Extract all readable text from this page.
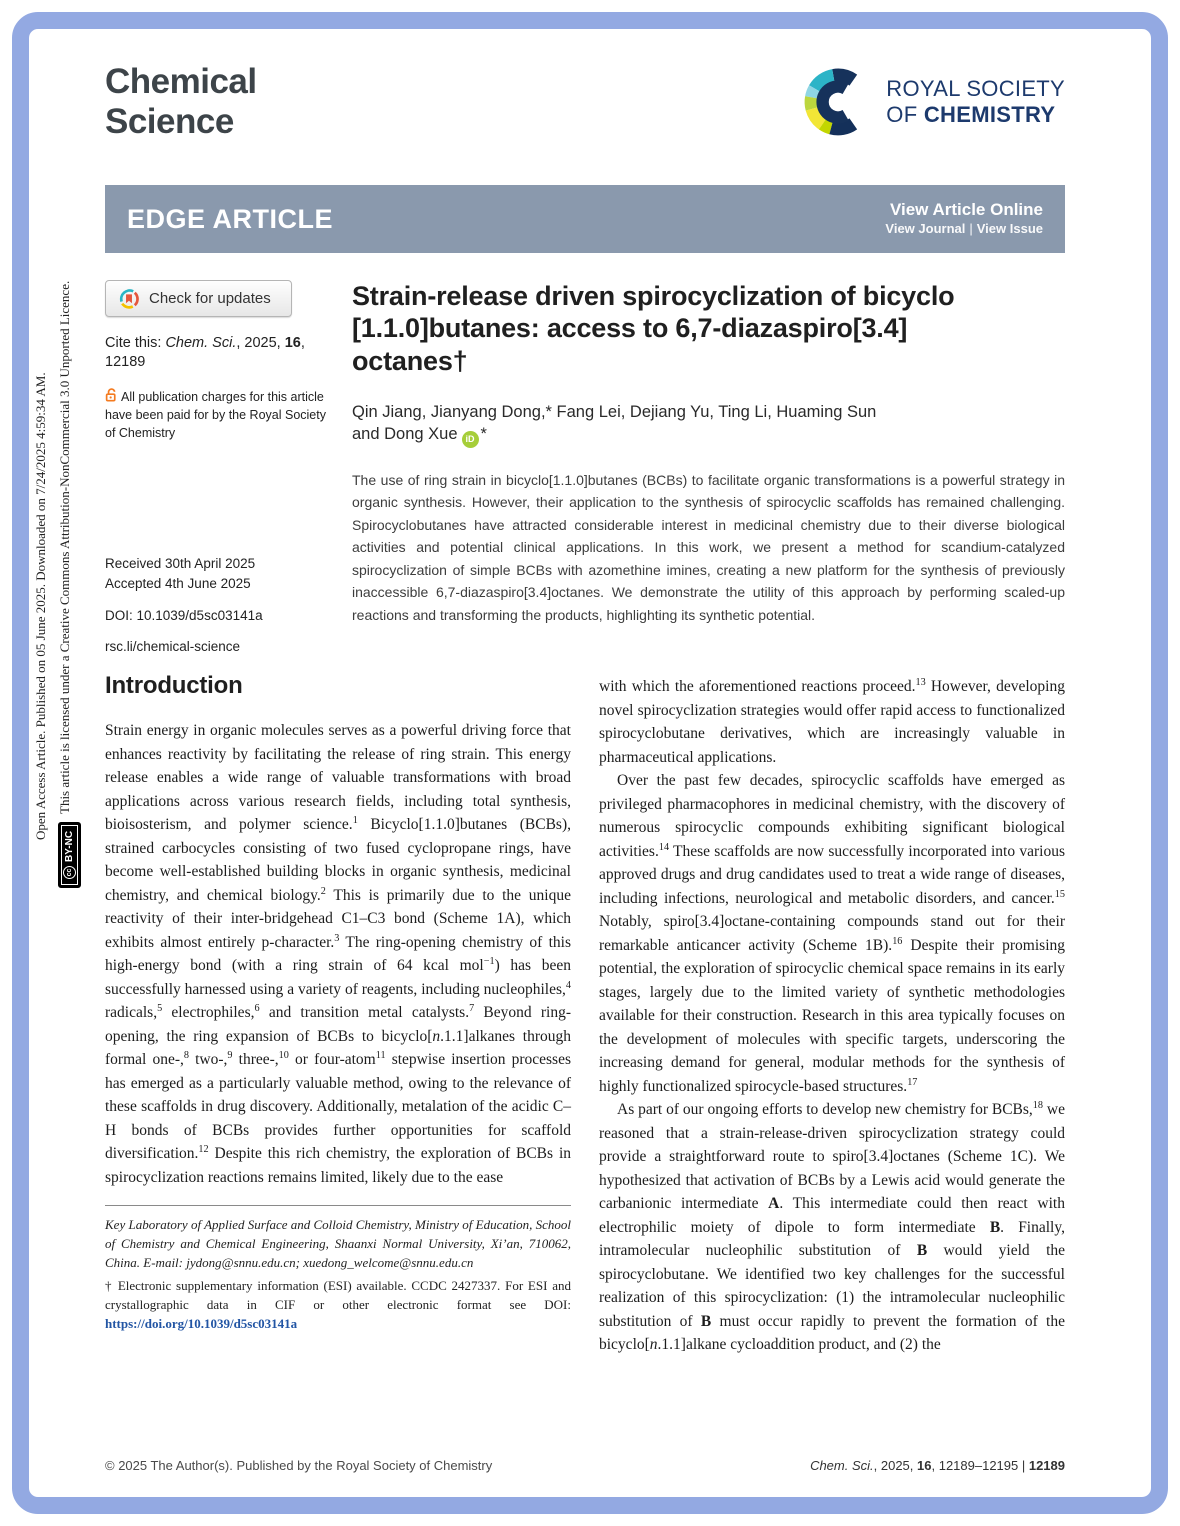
Open Access Article. Published on 05 June 2025. Downloaded on 7/24/2025 4:59:34 AM. This article is licensed under a Creative Commons Attribution-NonCommercial 3.0 Unported Licence.
cc
BY-NC
Chemical
Science
ROYAL SOCIETY
OF CHEMISTRY
EDGE ARTICLE	View Article Online
View Journal | View Issue
Check for updates
Cite this: Chem. Sci., 2025, 16, 12189
All publication charges for this article have been paid for by the Royal Society of Chemistry
Received 30th April 2025
Accepted 4th June 2025
DOI: 10.1039/d5sc03141a
rsc.li/chemical-science
Strain-release driven spirocyclization of bicyclo
[1.1.0]butanes: access to 6,7-diazaspiro[3.4]
octanes†
Qin Jiang, Jianyang Dong,* Fang Lei, Dejiang Yu, Ting Li, Huaming Sun
and Dong Xue iD *

The use of ring strain in bicyclo[1.1.0]butanes (BCBs) to facilitate organic transformations is a powerful strategy in organic synthesis. However, their application to the synthesis of spirocyclic scaffolds has remained challenging. Spirocyclobutanes have attracted considerable interest in medicinal chemistry due to their diverse biological activities and potential clinical applications. In this work, we present a method for scandium-catalyzed spirocyclization of simple BCBs with azomethine imines, creating a new platform for the synthesis of previously inaccessible 6,7-diazaspiro[3.4]octanes. We demonstrate the utility of this approach by performing scaled-up reactions and transforming the products, highlighting its synthetic potential.

Introduction

Strain energy in organic molecules serves as a powerful driving force that enhances reactivity by facilitating the release of ring strain. This energy release enables a wide range of valuable transformations with broad applications across various research fields, including total synthesis, bioisosterism, and polymer science.$^1$ Bicyclo[1.1.0]butanes (BCBs), strained carbocycles consisting of two fused cyclopropane rings, have become well-established building blocks in organic synthesis, medicinal chemistry, and chemical biology.$^2$ This is primarily due to the unique reactivity of their inter-bridgehead C1–C3 bond (Scheme 1A), which exhibits almost entirely p-character.$^3$ The ring-opening chemistry of this high-energy bond (with a ring strain of 64 kcal mol$^{-1}$) has been successfully harnessed using a variety of reagents, including nucleophiles,$^4$ radicals,$^5$ electrophiles,$^6$ and transition metal catalysts.$^7$ Beyond ring-opening, the ring expansion of BCBs to bicyclo[n.1.1]alkanes through formal one-,$^8$ two-,$^9$ three-,$^{10}$ or four-atom$^{11}$ stepwise insertion processes has emerged as a particularly valuable method, owing to the relevance of these scaffolds in drug discovery. Additionally, metalation of the acidic C–H bonds of BCBs provides further opportunities for scaffold diversification.$^{12}$ Despite this rich chemistry, the exploration of BCBs in spirocyclization reactions remains limited, likely due to the ease

Key Laboratory of Applied Surface and Colloid Chemistry, Ministry of Education, School of Chemistry and Chemical Engineering, Shaanxi Normal University, Xi’an, 710062, China. E-mail: jydong@snnu.edu.cn; xuedong_welcome@snnu.edu.cn
† Electronic supplementary information (ESI) available. CCDC 2427337. For ESI and crystallographic data in CIF or other electronic format see DOI: https://doi.org/10.1039/d5sc03141a

with which the aforementioned reactions proceed.$^{13}$ However, developing novel spirocyclization strategies would offer rapid access to functionalized spirocyclobutane derivatives, which are increasingly valuable in pharmaceutical applications.

Over the past few decades, spirocyclic scaffolds have emerged as privileged pharmacophores in medicinal chemistry, with the discovery of numerous spirocyclic compounds exhibiting significant biological activities.$^{14}$ These scaffolds are now successfully incorporated into various approved drugs and drug candidates used to treat a wide range of diseases, including infections, neurological and metabolic disorders, and cancer.$^{15}$ Notably, spiro[3.4]octane-containing compounds stand out for their remarkable anticancer activity (Scheme 1B).$^{16}$ Despite their promising potential, the exploration of spirocyclic chemical space remains in its early stages, largely due to the limited variety of synthetic methodologies available for their construction. Research in this area typically focuses on the development of molecules with specific targets, underscoring the increasing demand for general, modular methods for the synthesis of highly functionalized spirocycle-based structures.$^{17}$

As part of our ongoing efforts to develop new chemistry for BCBs,$^{18}$ we reasoned that a strain-release-driven spirocyclization strategy could provide a straightforward route to spiro[3.4]octanes (Scheme 1C). We hypothesized that activation of BCBs by a Lewis acid would generate the carbanionic intermediate A. This intermediate could then react with electrophilic moiety of dipole to form intermediate B. Finally, intramolecular nucleophilic substitution of B would yield the spirocyclobutane. We identified two key challenges for the successful realization of this spirocyclization: (1) the intramolecular nucleophilic substitution of B must occur rapidly to prevent the formation of the bicyclo[n.1.1]alkane cycloaddition product, and (2) the

© 2025 The Author(s). Published by the Royal Society of Chemistry	Chem. Sci., 2025, 16, 12189–12195 | 12189
